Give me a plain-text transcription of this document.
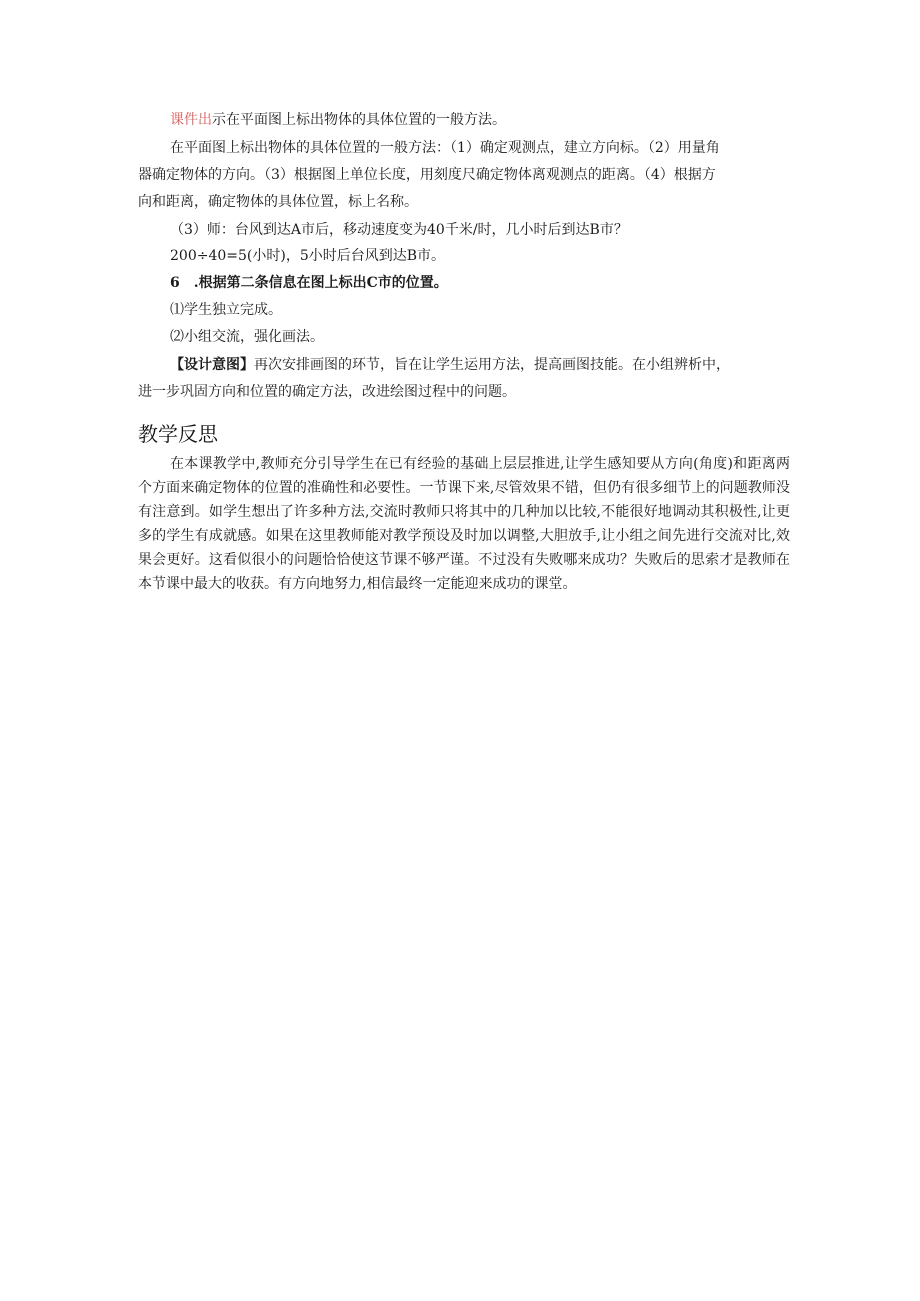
课件出示在平面图上标出物体的具体位置的一般方法。
在平面图上标出物体的具体位置的一般方法：（1）确定观测点，建立方向标。（2）用量角
器确定物体的方向。（3）根据图上单位长度，用刻度尺确定物体离观测点的距离。（4）根据方
向和距离，确定物体的具体位置，标上名称。
（3）师：台风到达A市后，移动速度变为40千米/时，几小时后到达B市？
200÷40=5(小时)，5小时后台风到达B市。
6　.根据第二条信息在图上标出C市的位置。
⑴学生独立完成。
⑵小组交流，强化画法。
【设计意图】再次安排画图的环节，旨在让学生运用方法，提高画图技能。在小组辨析中，
进一步巩固方向和位置的确定方法，改进绘图过程中的问题。
教学反思
在本课教学中,教师充分引导学生在已有经验的基础上层层推进,让学生感知要从方向(角度)和距离两个方面来确定物体的位置的准确性和必要性。一节课下来,尽管效果不错，但仍有很多细节上的问题教师没有注意到。如学生想出了许多种方法,交流时教师只将其中的几种加以比较,不能很好地调动其积极性,让更多的学生有成就感。如果在这里教师能对教学预设及时加以调整,大胆放手,让小组之间先进行交流对比,效果会更好。这看似很小的问题恰恰使这节课不够严谨。不过没有失败哪来成功？失败后的思索才是教师在本节课中最大的收获。有方向地努力,相信最终一定能迎来成功的课堂。
